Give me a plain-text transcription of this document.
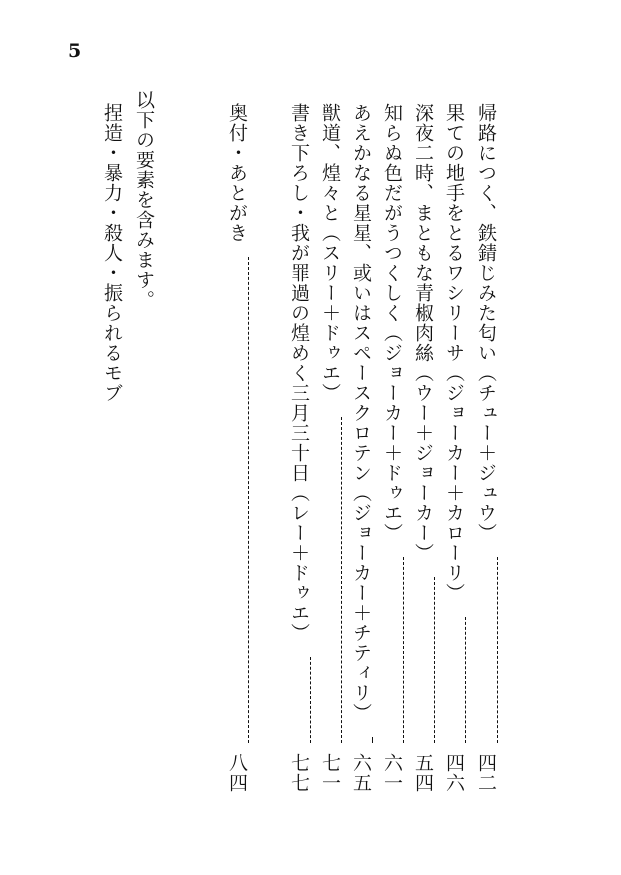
5
帰路につく、鉄錆じみた匂い（チュー＋ジュウ）
四二
果ての地手をとるワシリーサ（ジョーカー＋カローリ）
四六
深夜二時、まともな青椒肉絲（ウー＋ジョーカー）
五四
知らぬ色だがうつくしく（ジョーカー＋ドゥエ）
六一
あえかなる星星、或いはスペースクロテン（ジョーカー＋チティリ）
六五
獣道、煌々と（スリー＋ドゥエ）
七一
書き下ろし・我が罪過の煌めく三月三十日（レー＋ドゥエ）
七七
奥付・あとがき
八四
以下の要素を含みます。
捏造・暴力・殺人・振られるモブ
